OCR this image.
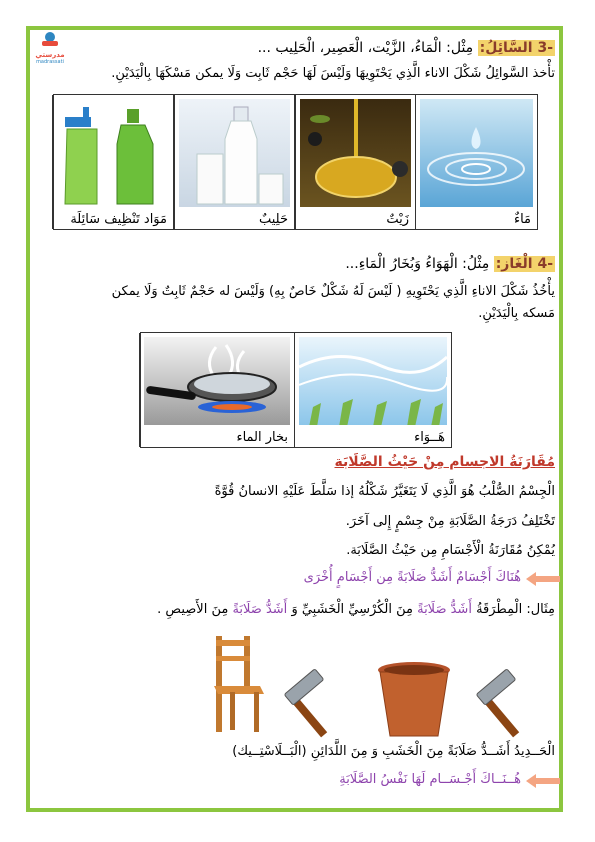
مدرستي
madrassati
-3 السَّائِلُ: مِثْل: الْمَاءُ، الزَّيْت، الْعَصِير، الْحَلِيب ...
تأْخذ السَّوائِلُ شَكْلَ الاناء الَّذِي يَحْتَوِيهَا وَلَيْسَ لَهَا حَجْم ثَابِت وَلَا يمكن مَسْكَهَا بِالْيَدَيْنِ.
مَاءٌ
زَيْتٌ
حَلِيبٌ
مَوَاد تَنْظِيف سَائِلَة
-4 الْغَاز: مِثْلُ: الْهَوَاءُ وَبُخَارُ الْمَاءِ...
يأْخُذُ شَكْلَ الاناءِ الَّذِي يَحْتَوِيهِ ( لَيْسَ لَهُ شَكْلٌ خَاصٌ بِهِ) وَلَيْسَ له حَجْمٌ ثَابِتٌ وَلَا يمكن
مَسكه بِالْيَدَيْنِ.
هَــوَاء
بخار الماء
مُقَارَنَةُ الاجسام مِنْ حَيْثُ الصَّلَابَة
الْجِسْمُ الصُّلْبُ هُوَ الَّذِي لَا يَتَغَيَّرُ شَكْلُهُ إذا سَلَّطَ عَلَيْهِ الانسانُ قُوَّةً
تَخْتَلِفُ دَرَجَةُ الصَّلَابَةِ مِنْ جِسْمٍ إِلى آخَرَ.
يُمْكِنُ مُقَارَنَةُ الْأَجْسَامِ مِن حَيْثُ الصَّلَابَة.
هُنَاكَ أَجْسَامٌ أَشَدُّ صَلَابَةً مِن أَجْسَامٍ أُخْرَى
مِثَال: الْمِطْرَقَةُ أَشَدُّ صَلَابَةً مِنَ الْكُرْسِيِّ الْخَشَبِيِّ وَ أَشَدُّ صَلَابَةً مِنَ الأَصِيصِ .
الْحَــدِيدُ أَشَــدُّ صَلَابَةً مِنَ الْخَشَبِ وَ مِنَ اللَّدَائِنِ (الْبَــلَاسْتِــيك)
هُــنَــاكَ أَجْـسَــام لَهَا نَفْسُ الصَّلَابَةِ
